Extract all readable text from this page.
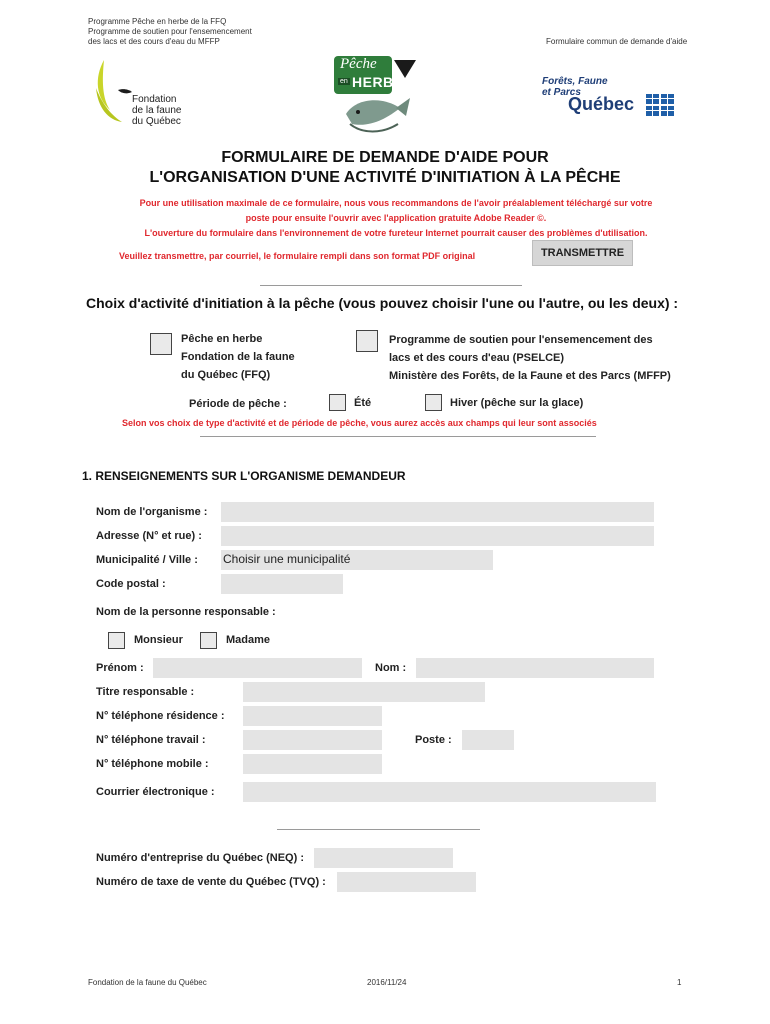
Programme Pêche en herbe de la FFQ
Programme de soutien pour l'ensemencement
des lacs et des cours d'eau du MFFP	Formulaire commun de demande d'aide
Fondation
de la faune
du Québec
Pêche
en HERBE	Forêts, Faune
et Parcs
Québec
FORMULAIRE DE DEMANDE D'AIDE POUR
L'ORGANISATION D'UNE ACTIVITÉ D'INITIATION À LA PÊCHE
Pour une utilisation maximale de ce formulaire, nous vous recommandons de l'avoir préalablement téléchargé sur votre
poste pour ensuite l'ouvrir avec l'application gratuite Adobe Reader ©.
L'ouverture du formulaire dans l'environnement de votre fureteur Internet pourrait causer des problèmes d'utilisation.
Veuillez transmettre, par courriel, le formulaire rempli dans son format PDF original	TRANSMETTRE
Choix d'activité d'initiation à la pêche (vous pouvez choisir l'une ou l'autre, ou les deux) :
Pêche en herbe
Fondation de la faune
du Québec (FFQ)
Programme de soutien pour l'ensemencement des
lacs et des cours d'eau (PSELCE)
Ministère des Forêts, de la Faune et des Parcs (MFFP)
Période de pêche :	Été	Hiver (pêche sur la glace)
Selon vos choix de type d'activité et de période de pêche, vous aurez accès aux champs qui leur sont associés
1. RENSEIGNEMENTS SUR L'ORGANISME DEMANDEUR
Nom de l'organisme :
Adresse (N° et rue) :
Municipalité / Ville : Choisir une municipalité
Code postal :
Nom de la personne responsable :
Monsieur	Madame
Prénom :	Nom :
Titre responsable :
N° téléphone résidence :
N° téléphone travail :	Poste :
N° téléphone mobile :
Courrier électronique :
Numéro d'entreprise du Québec (NEQ) :
Numéro de taxe de vente du Québec (TVQ) :
Fondation de la faune du Québec	2016/11/24	1
